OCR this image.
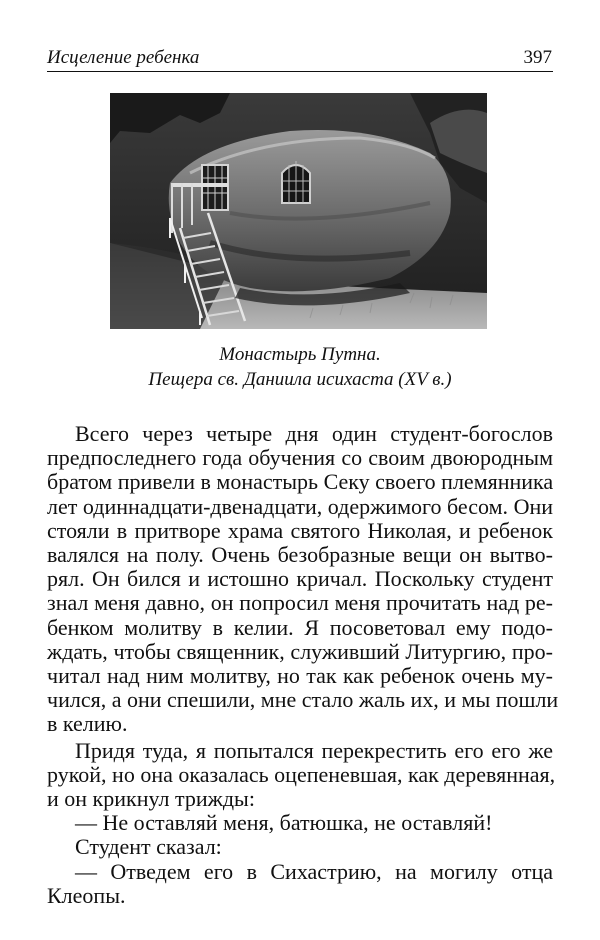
Исцеление ребенка	397
Монастырь Путна.
Пещера св. Даниила исихаста (XV в.)
Всего через четыре дня один студент-богослов
предпоследнего года обучения со своим двоюродным
братом привели в монастырь Секу своего племянника
лет одиннадцати-двенадцати, одержимого бесом. Они
стояли в притворе храма святого Николая, и ребенок
валялся на полу. Очень безобразные вещи он вытво-
рял. Он бился и истошно кричал. Поскольку студент
знал меня давно, он попросил меня прочитать над ре-
бенком молитву в келии. Я посоветовал ему подо-
ждать, чтобы священник, служивший Литургию, про-
читал над ним молитву, но так как ребенок очень му-
чился, а они спешили, мне стало жаль их, и мы пошли
в келию.
Придя туда, я попытался перекрестить его его же
рукой, но она оказалась оцепеневшая, как деревянная,
и он крикнул трижды:
— Не оставляй меня, батюшка, не оставляй!
Студент сказал:
— Отведем его в Сихастрию, на могилу отца
Клеопы.
